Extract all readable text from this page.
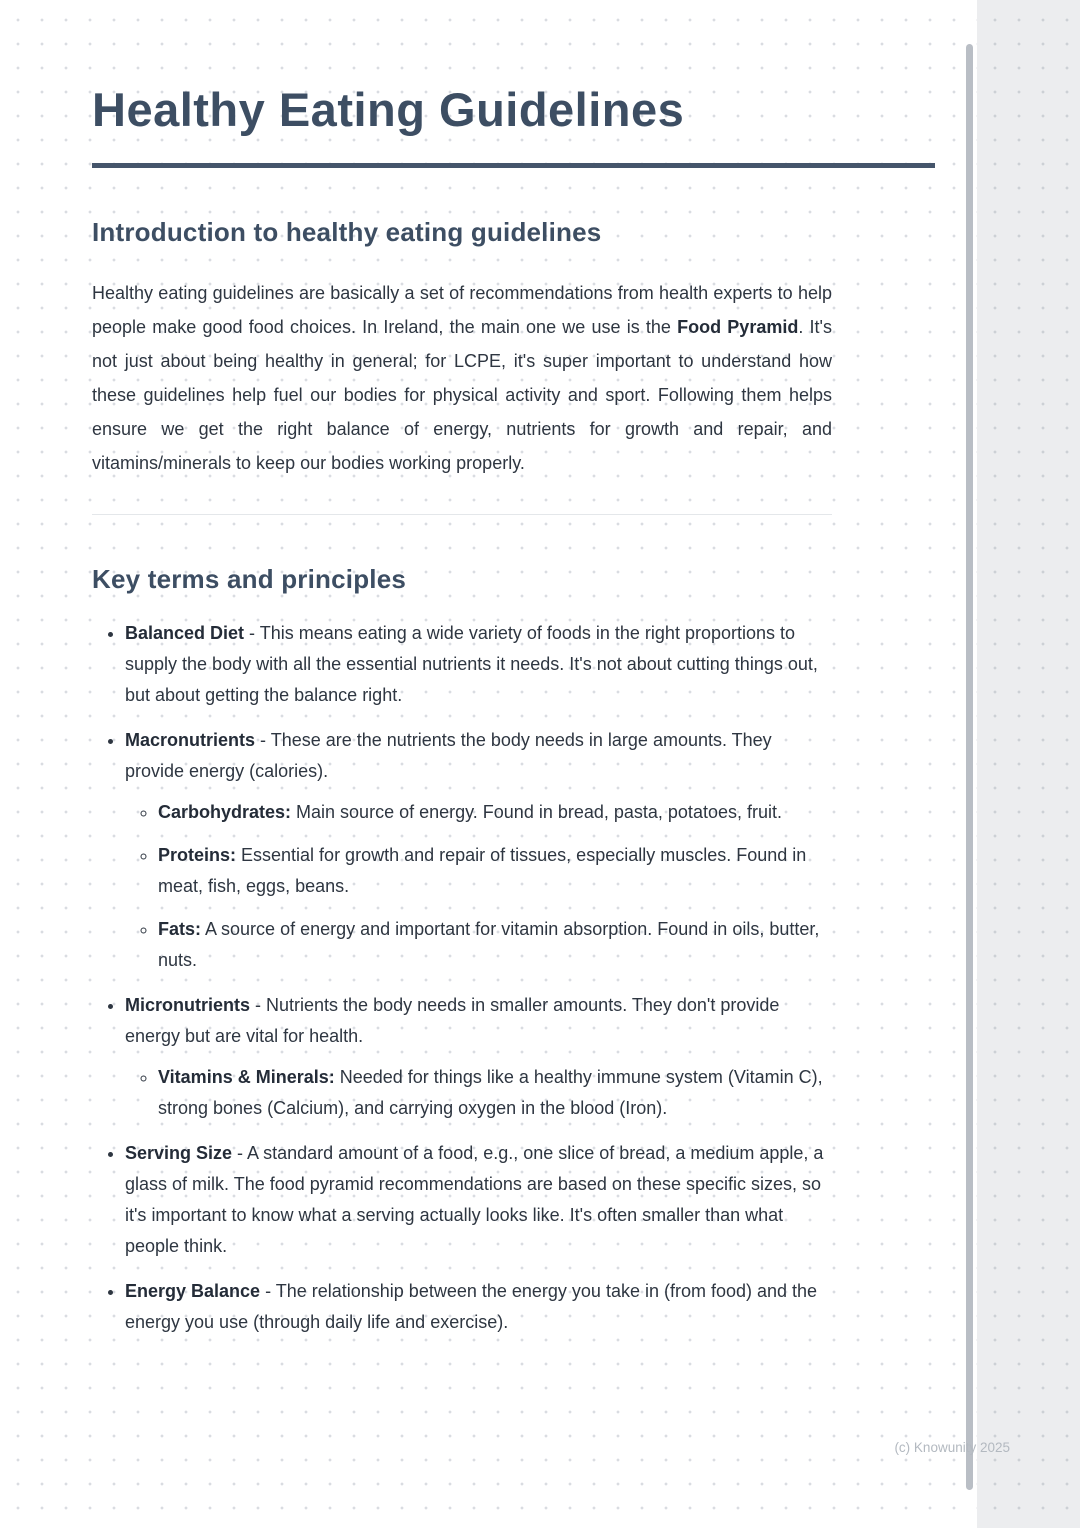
Healthy Eating Guidelines
Introduction to healthy eating guidelines

Healthy eating guidelines are basically a set of recommendations from health experts to help people make good food choices. In Ireland, the main one we use is the Food Pyramid. It's not just about being healthy in general; for LCPE, it's super important to understand how these guidelines help fuel our bodies for physical activity and sport. Following them helps ensure we get the right balance of energy, nutrients for growth and repair, and vitamins/minerals to keep our bodies working properly.

Key terms and principles
• Balanced Diet - This means eating a wide variety of foods in the right proportions to supply the body with all the essential nutrients it needs. It's not about cutting things out, but about getting the balance right.
• Macronutrients - These are the nutrients the body needs in large amounts. They provide energy (calories).
◦ Carbohydrates: Main source of energy. Found in bread, pasta, potatoes, fruit.
◦ Proteins: Essential for growth and repair of tissues, especially muscles. Found in meat, fish, eggs, beans.
◦ Fats: A source of energy and important for vitamin absorption. Found in oils, butter, nuts.
• Micronutrients - Nutrients the body needs in smaller amounts. They don't provide energy but are vital for health.
◦ Vitamins & Minerals: Needed for things like a healthy immune system (Vitamin C), strong bones (Calcium), and carrying oxygen in the blood (Iron).
• Serving Size - A standard amount of a food, e.g., one slice of bread, a medium apple, a glass of milk. The food pyramid recommendations are based on these specific sizes, so it's important to know what a serving actually looks like. It's often smaller than what people think.
• Energy Balance - The relationship between the energy you take in (from food) and the energy you use (through daily life and exercise).
(c) Knowunity 2025
